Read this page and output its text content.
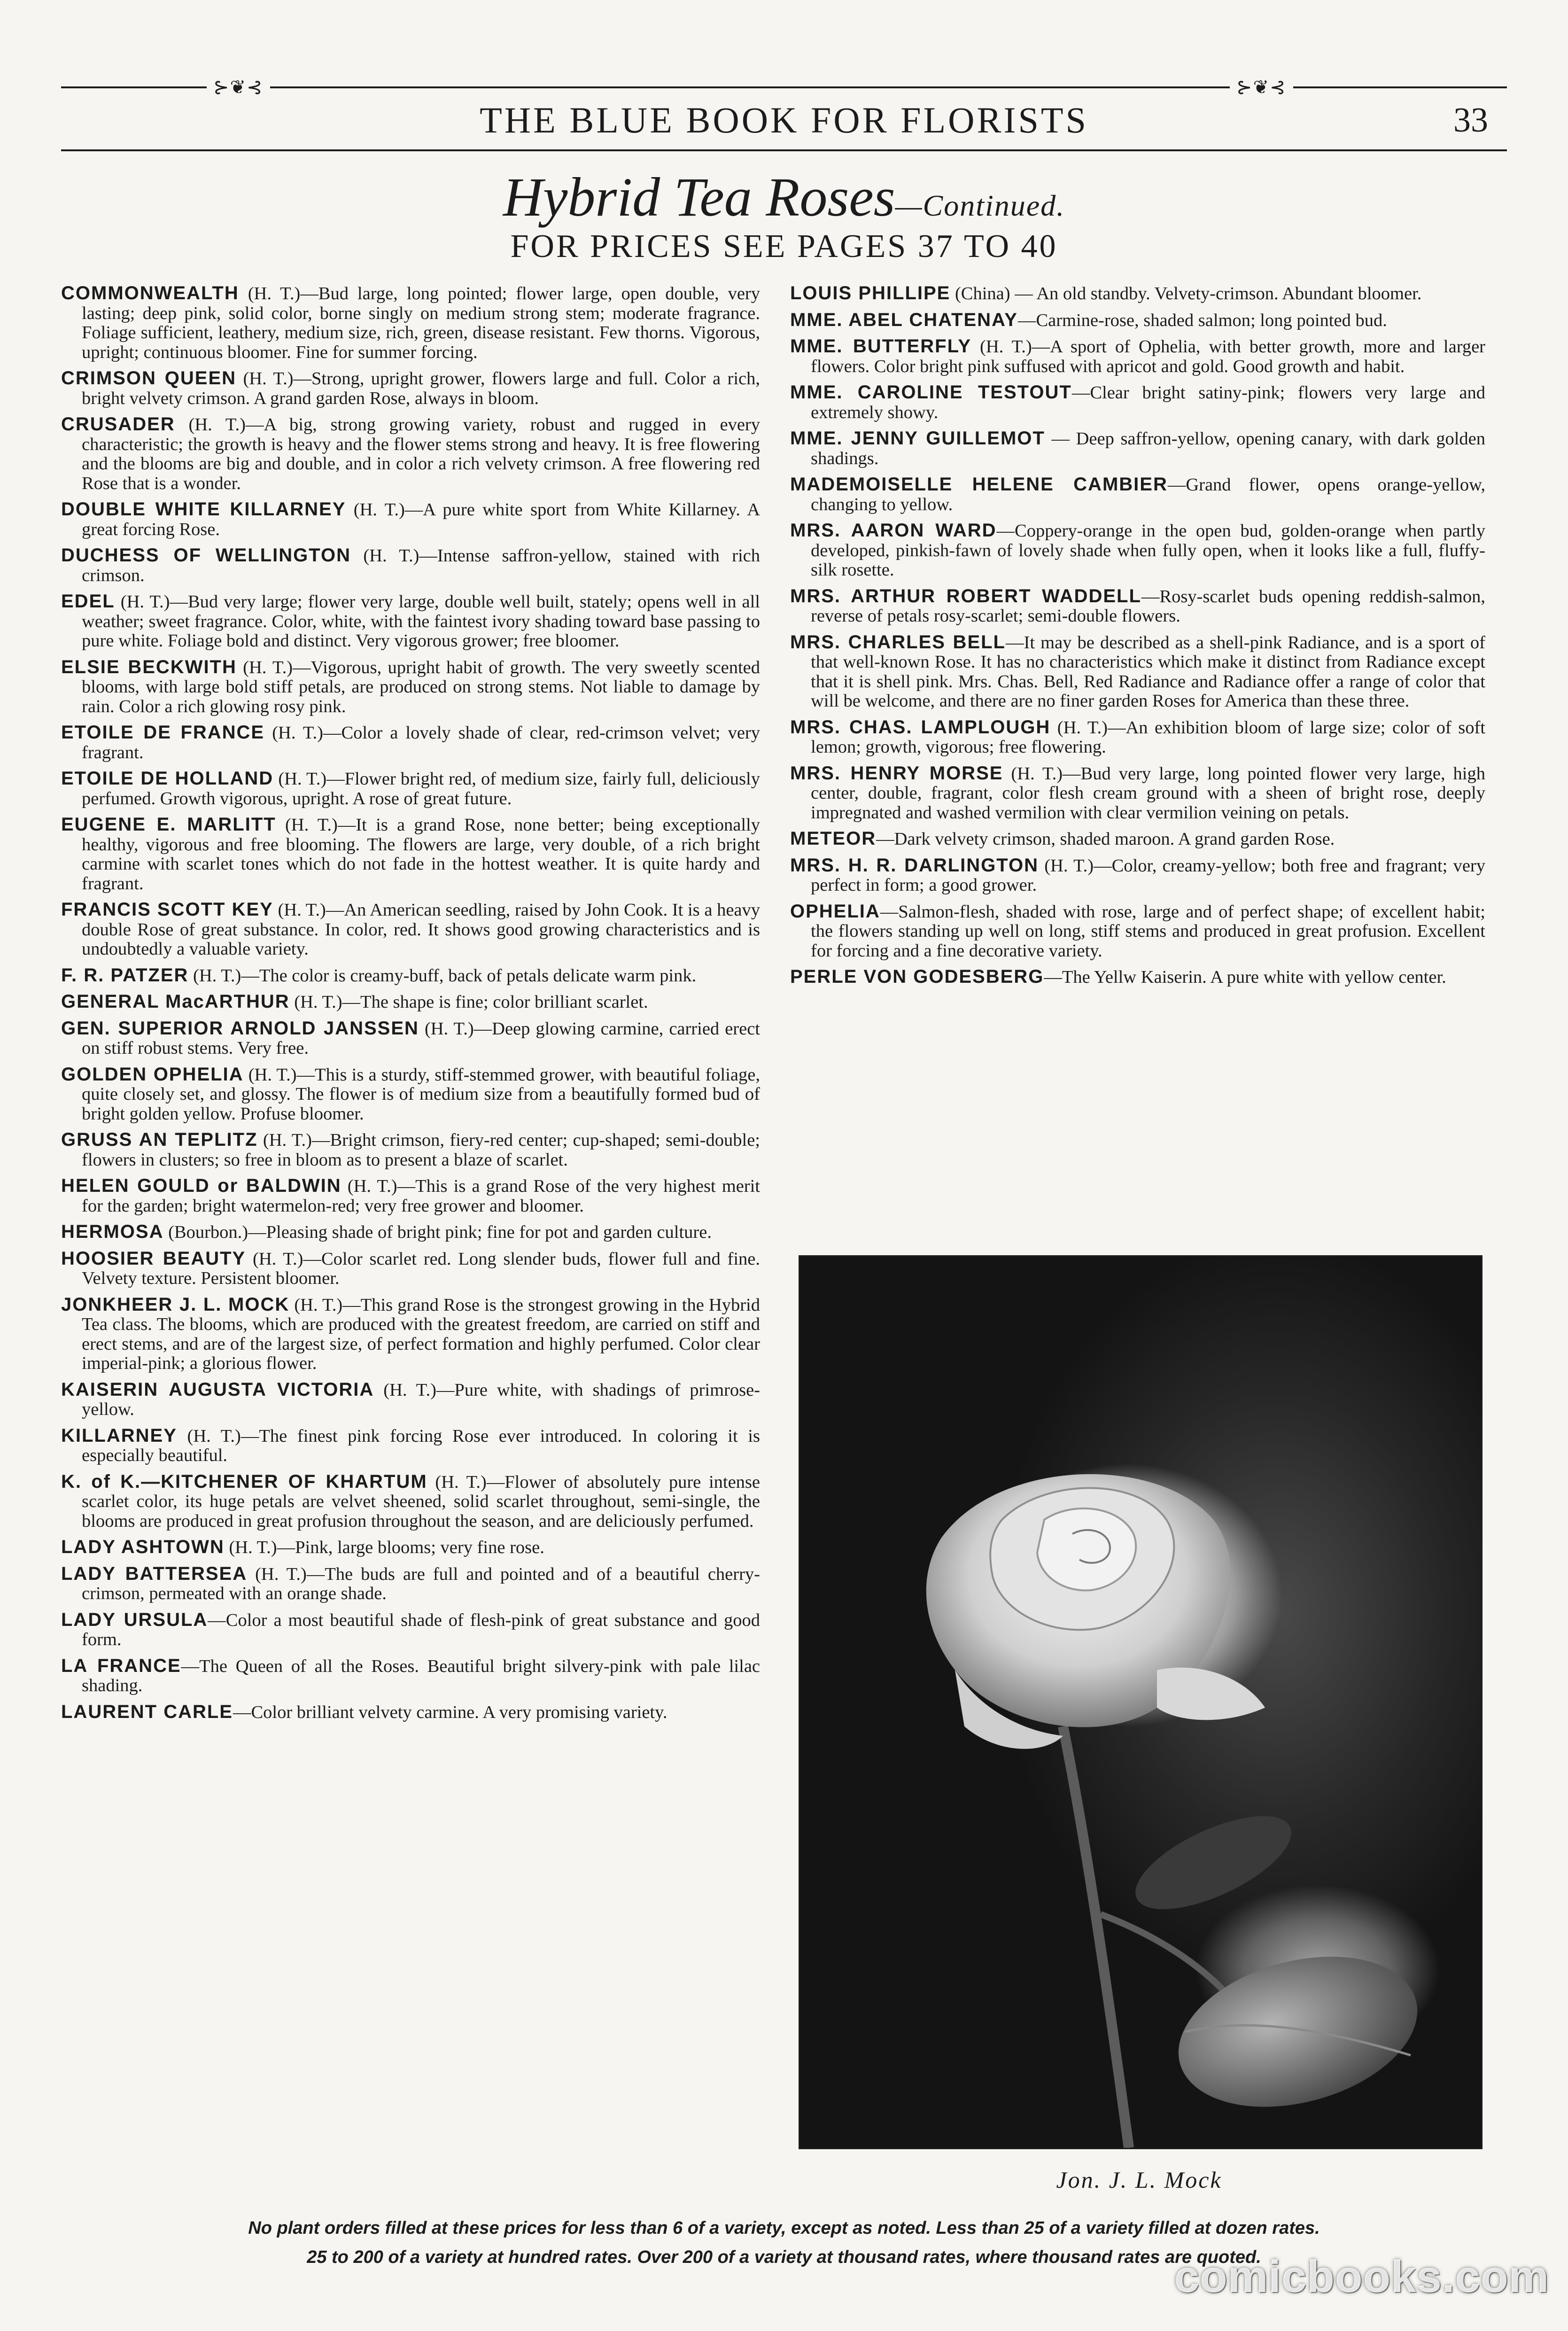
⊱❦⊰	⊱❦⊰
THE BLUE BOOK FOR FLORISTS	33
Hybrid Tea Roses—Continued.
FOR PRICES SEE PAGES 37 TO 40

COMMONWEALTH (H. T.)—Bud large, long pointed; flower large, open double, very lasting; deep pink, solid color, borne singly on medium strong stem; moderate fragrance. Foliage sufficient, leathery, medium size, rich, green, disease resistant. Few thorns. Vigorous, upright; continuous bloomer. Fine for summer forcing.

CRIMSON QUEEN (H. T.)—Strong, upright grower, flowers large and full. Color a rich, bright velvety crimson. A grand garden Rose, always in bloom.

CRUSADER (H. T.)—A big, strong growing variety, robust and rugged in every characteristic; the growth is heavy and the flower stems strong and heavy. It is free flowering and the blooms are big and double, and in color a rich velvety crimson. A free flowering red Rose that is a wonder.

DOUBLE WHITE KILLARNEY (H. T.)—A pure white sport from White Killarney. A great forcing Rose.

DUCHESS OF WELLINGTON (H. T.)—Intense saffron-yellow, stained with rich crimson.

EDEL (H. T.)—Bud very large; flower very large, double well built, stately; opens well in all weather; sweet fragrance. Color, white, with the faintest ivory shading toward base passing to pure white. Foliage bold and distinct. Very vigorous grower; free bloomer.

ELSIE BECKWITH (H. T.)—Vigorous, upright habit of growth. The very sweetly scented blooms, with large bold stiff petals, are produced on strong stems. Not liable to damage by rain. Color a rich glowing rosy pink.

ETOILE DE FRANCE (H. T.)—Color a lovely shade of clear, red-crimson velvet; very fragrant.

ETOILE DE HOLLAND (H. T.)—Flower bright red, of medium size, fairly full, deliciously perfumed. Growth vigorous, upright. A rose of great future.

EUGENE E. MARLITT (H. T.)—It is a grand Rose, none better; being exceptionally healthy, vigorous and free blooming. The flowers are large, very double, of a rich bright carmine with scarlet tones which do not fade in the hottest weather. It is quite hardy and fragrant.

FRANCIS SCOTT KEY (H. T.)—An American seedling, raised by John Cook. It is a heavy double Rose of great substance. In color, red. It shows good growing characteristics and is undoubtedly a valuable variety.

F. R. PATZER (H. T.)—The color is creamy-buff, back of petals delicate warm pink.

GENERAL MacARTHUR (H. T.)—The shape is fine; color brilliant scarlet.

GEN. SUPERIOR ARNOLD JANSSEN (H. T.)—Deep glowing carmine, carried erect on stiff robust stems. Very free.

GOLDEN OPHELIA (H. T.)—This is a sturdy, stiff-stemmed grower, with beautiful foliage, quite closely set, and glossy. The flower is of medium size from a beautifully formed bud of bright golden yellow. Profuse bloomer.

GRUSS AN TEPLITZ (H. T.)—Bright crimson, fiery-red center; cup-shaped; semi-double; flowers in clusters; so free in bloom as to present a blaze of scarlet.

HELEN GOULD or BALDWIN (H. T.)—This is a grand Rose of the very highest merit for the garden; bright watermelon-red; very free grower and bloomer.

HERMOSA (Bourbon.)—Pleasing shade of bright pink; fine for pot and garden culture.

HOOSIER BEAUTY (H. T.)—Color scarlet red. Long slender buds, flower full and fine. Velvety texture. Persistent bloomer.

JONKHEER J. L. MOCK (H. T.)—This grand Rose is the strongest growing in the Hybrid Tea class. The blooms, which are produced with the greatest freedom, are carried on stiff and erect stems, and are of the largest size, of perfect formation and highly perfumed. Color clear imperial-pink; a glorious flower.

KAISERIN AUGUSTA VICTORIA (H. T.)—Pure white, with shadings of primrose-yellow.

KILLARNEY (H. T.)—The finest pink forcing Rose ever introduced. In coloring it is especially beautiful.

K. of K.—KITCHENER OF KHARTUM (H. T.)—Flower of absolutely pure intense scarlet color, its huge petals are velvet sheened, solid scarlet throughout, semi-single, the blooms are produced in great profusion throughout the season, and are deliciously perfumed.

LADY ASHTOWN (H. T.)—Pink, large blooms; very fine rose.

LADY BATTERSEA (H. T.)—The buds are full and pointed and of a beautiful cherry-crimson, permeated with an orange shade.

LADY URSULA—Color a most beautiful shade of flesh-pink of great substance and good form.

LA FRANCE—The Queen of all the Roses. Beautiful bright silvery-pink with pale lilac shading.

LAURENT CARLE—Color brilliant velvety carmine. A very promising variety.

LOUIS PHILLIPE (China) — An old standby. Velvety-crimson. Abundant bloomer.

MME. ABEL CHATENAY—Carmine-rose, shaded salmon; long pointed bud.

MME. BUTTERFLY (H. T.)—A sport of Ophelia, with better growth, more and larger flowers. Color bright pink suffused with apricot and gold. Good growth and habit.

MME. CAROLINE TESTOUT—Clear bright satiny-pink; flowers very large and extremely showy.

MME. JENNY GUILLEMOT — Deep saffron-yellow, opening canary, with dark golden shadings.

MADEMOISELLE HELENE CAMBIER—Grand flower, opens orange-yellow, changing to yellow.

MRS. AARON WARD—Coppery-orange in the open bud, golden-orange when partly developed, pinkish-fawn of lovely shade when fully open, when it looks like a full, fluffy-silk rosette.

MRS. ARTHUR ROBERT WADDELL—Rosy-scarlet buds opening reddish-salmon, reverse of petals rosy-scarlet; semi-double flowers.

MRS. CHARLES BELL—It may be described as a shell-pink Radiance, and is a sport of that well-known Rose. It has no characteristics which make it distinct from Radiance except that it is shell pink. Mrs. Chas. Bell, Red Radiance and Radiance offer a range of color that will be welcome, and there are no finer garden Roses for America than these three.

MRS. CHAS. LAMPLOUGH (H. T.)—An exhibition bloom of large size; color of soft lemon; growth, vigorous; free flowering.

MRS. HENRY MORSE (H. T.)—Bud very large, long pointed flower very large, high center, double, fragrant, color flesh cream ground with a sheen of bright rose, deeply impregnated and washed vermilion with clear vermilion veining on petals.

METEOR—Dark velvety crimson, shaded maroon. A grand garden Rose.

MRS. H. R. DARLINGTON (H. T.)—Color, creamy-yellow; both free and fragrant; very perfect in form; a good grower.

OPHELIA—Salmon-flesh, shaded with rose, large and of perfect shape; of excellent habit; the flowers standing up well on long, stiff stems and produced in great profusion. Excellent for forcing and a fine decorative variety.

PERLE VON GODESBERG—The Yellw Kaiserin. A pure white with yellow center.

Jon. J. L. Mock
No plant orders filled at these prices for less than 6 of a variety, except as noted. Less than 25 of a variety filled at dozen rates.
25 to 200 of a variety at hundred rates. Over 200 of a variety at thousand rates, where thousand rates are quoted.
comicbooks.com
